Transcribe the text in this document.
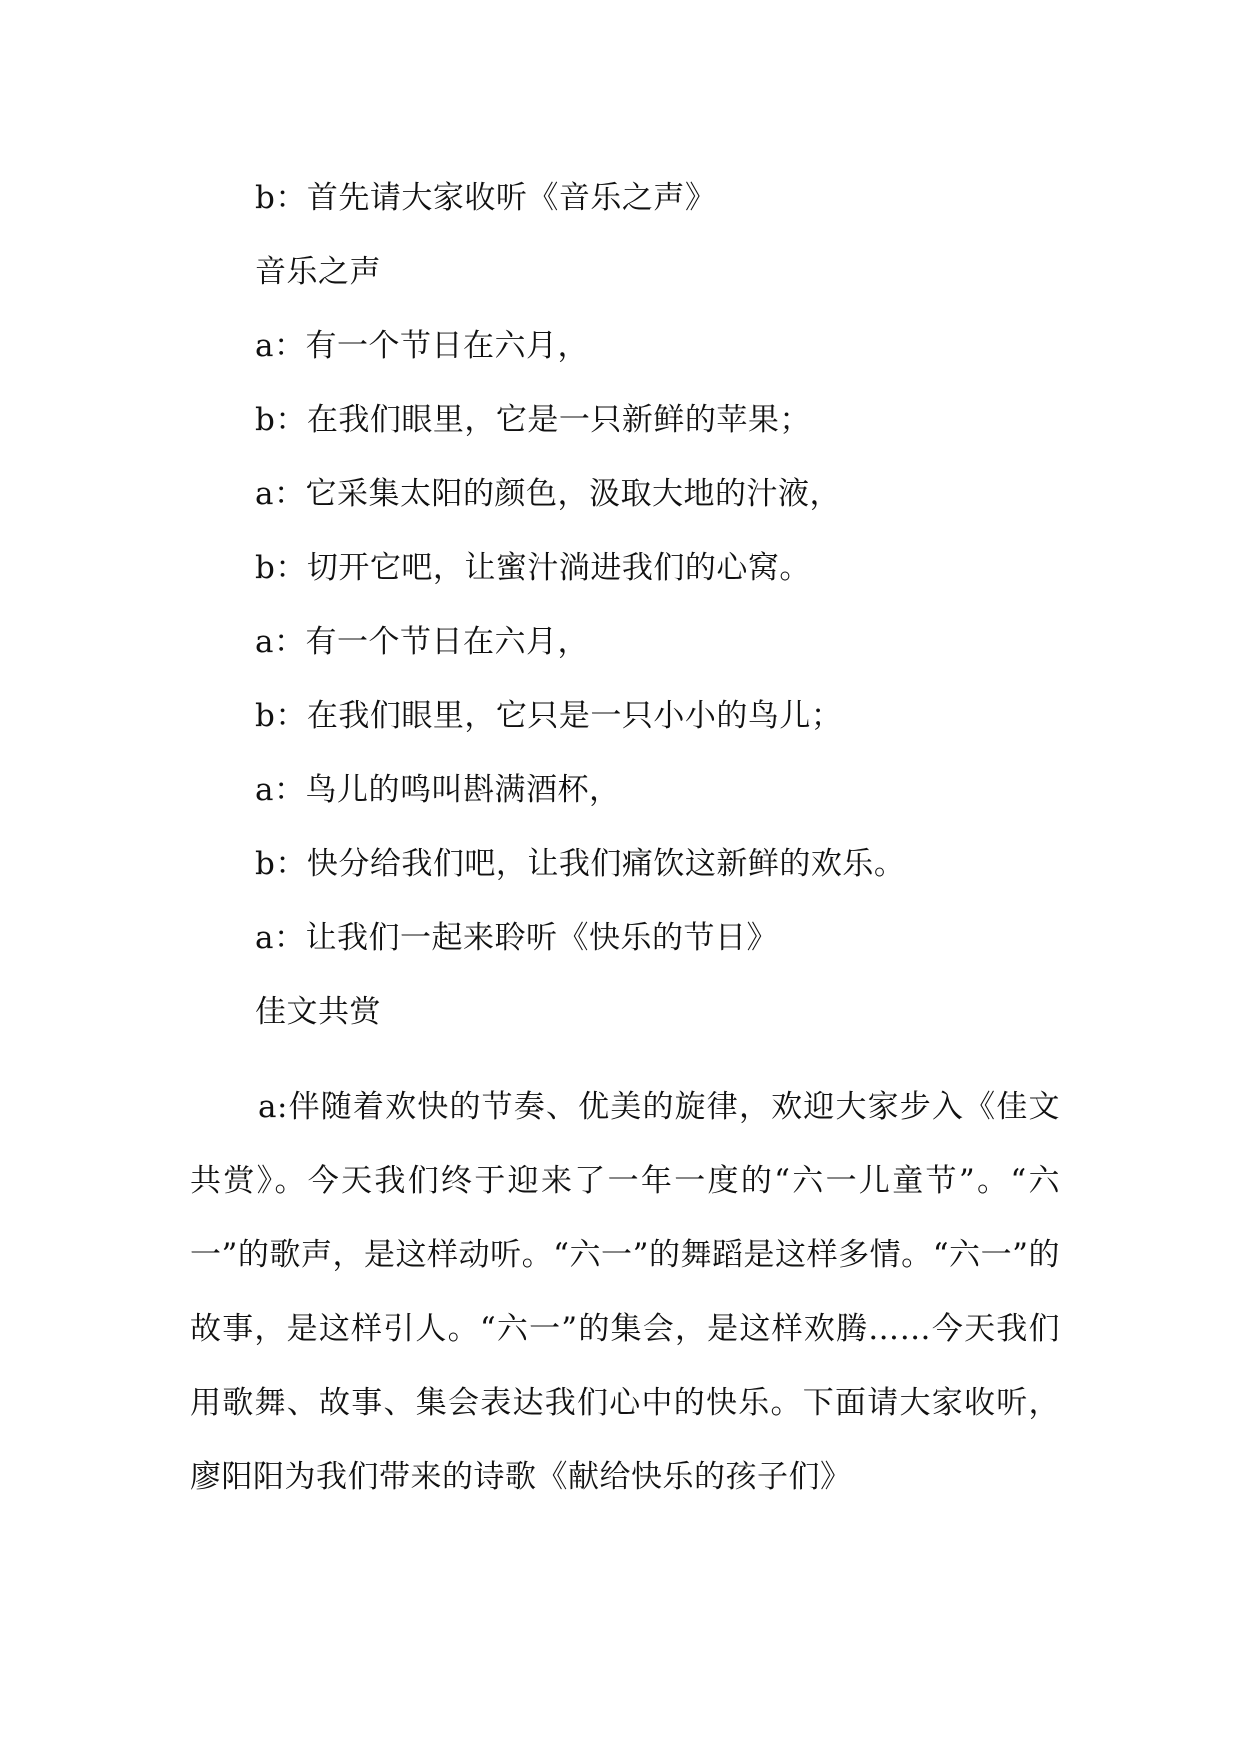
b：首先请大家收听《音乐之声》
音乐之声
a：有一个节日在六月，
b：在我们眼里，它是一只新鲜的苹果；
a：它采集太阳的颜色，汲取大地的汁液，
b：切开它吧，让蜜汁淌进我们的心窝。
a：有一个节日在六月，
b：在我们眼里，它只是一只小小的鸟儿；
a：鸟儿的鸣叫斟满酒杯，
b：快分给我们吧，让我们痛饮这新鲜的欢乐。
a：让我们一起来聆听《快乐的节日》
佳文共赏
a:伴随着欢快的节奏、优美的旋律，欢迎大家步入《佳文共赏》。今天我们终于迎来了一年一度的“六一儿童节”。“六一”的歌声，是这样动听。“六一”的舞蹈是这样多情。“六一”的故事，是这样引人。“六一”的集会，是这样欢腾……今天我们用歌舞、故事、集会表达我们心中的快乐。下面请大家收听，廖阳阳为我们带来的诗歌《献给快乐的孩子们》
